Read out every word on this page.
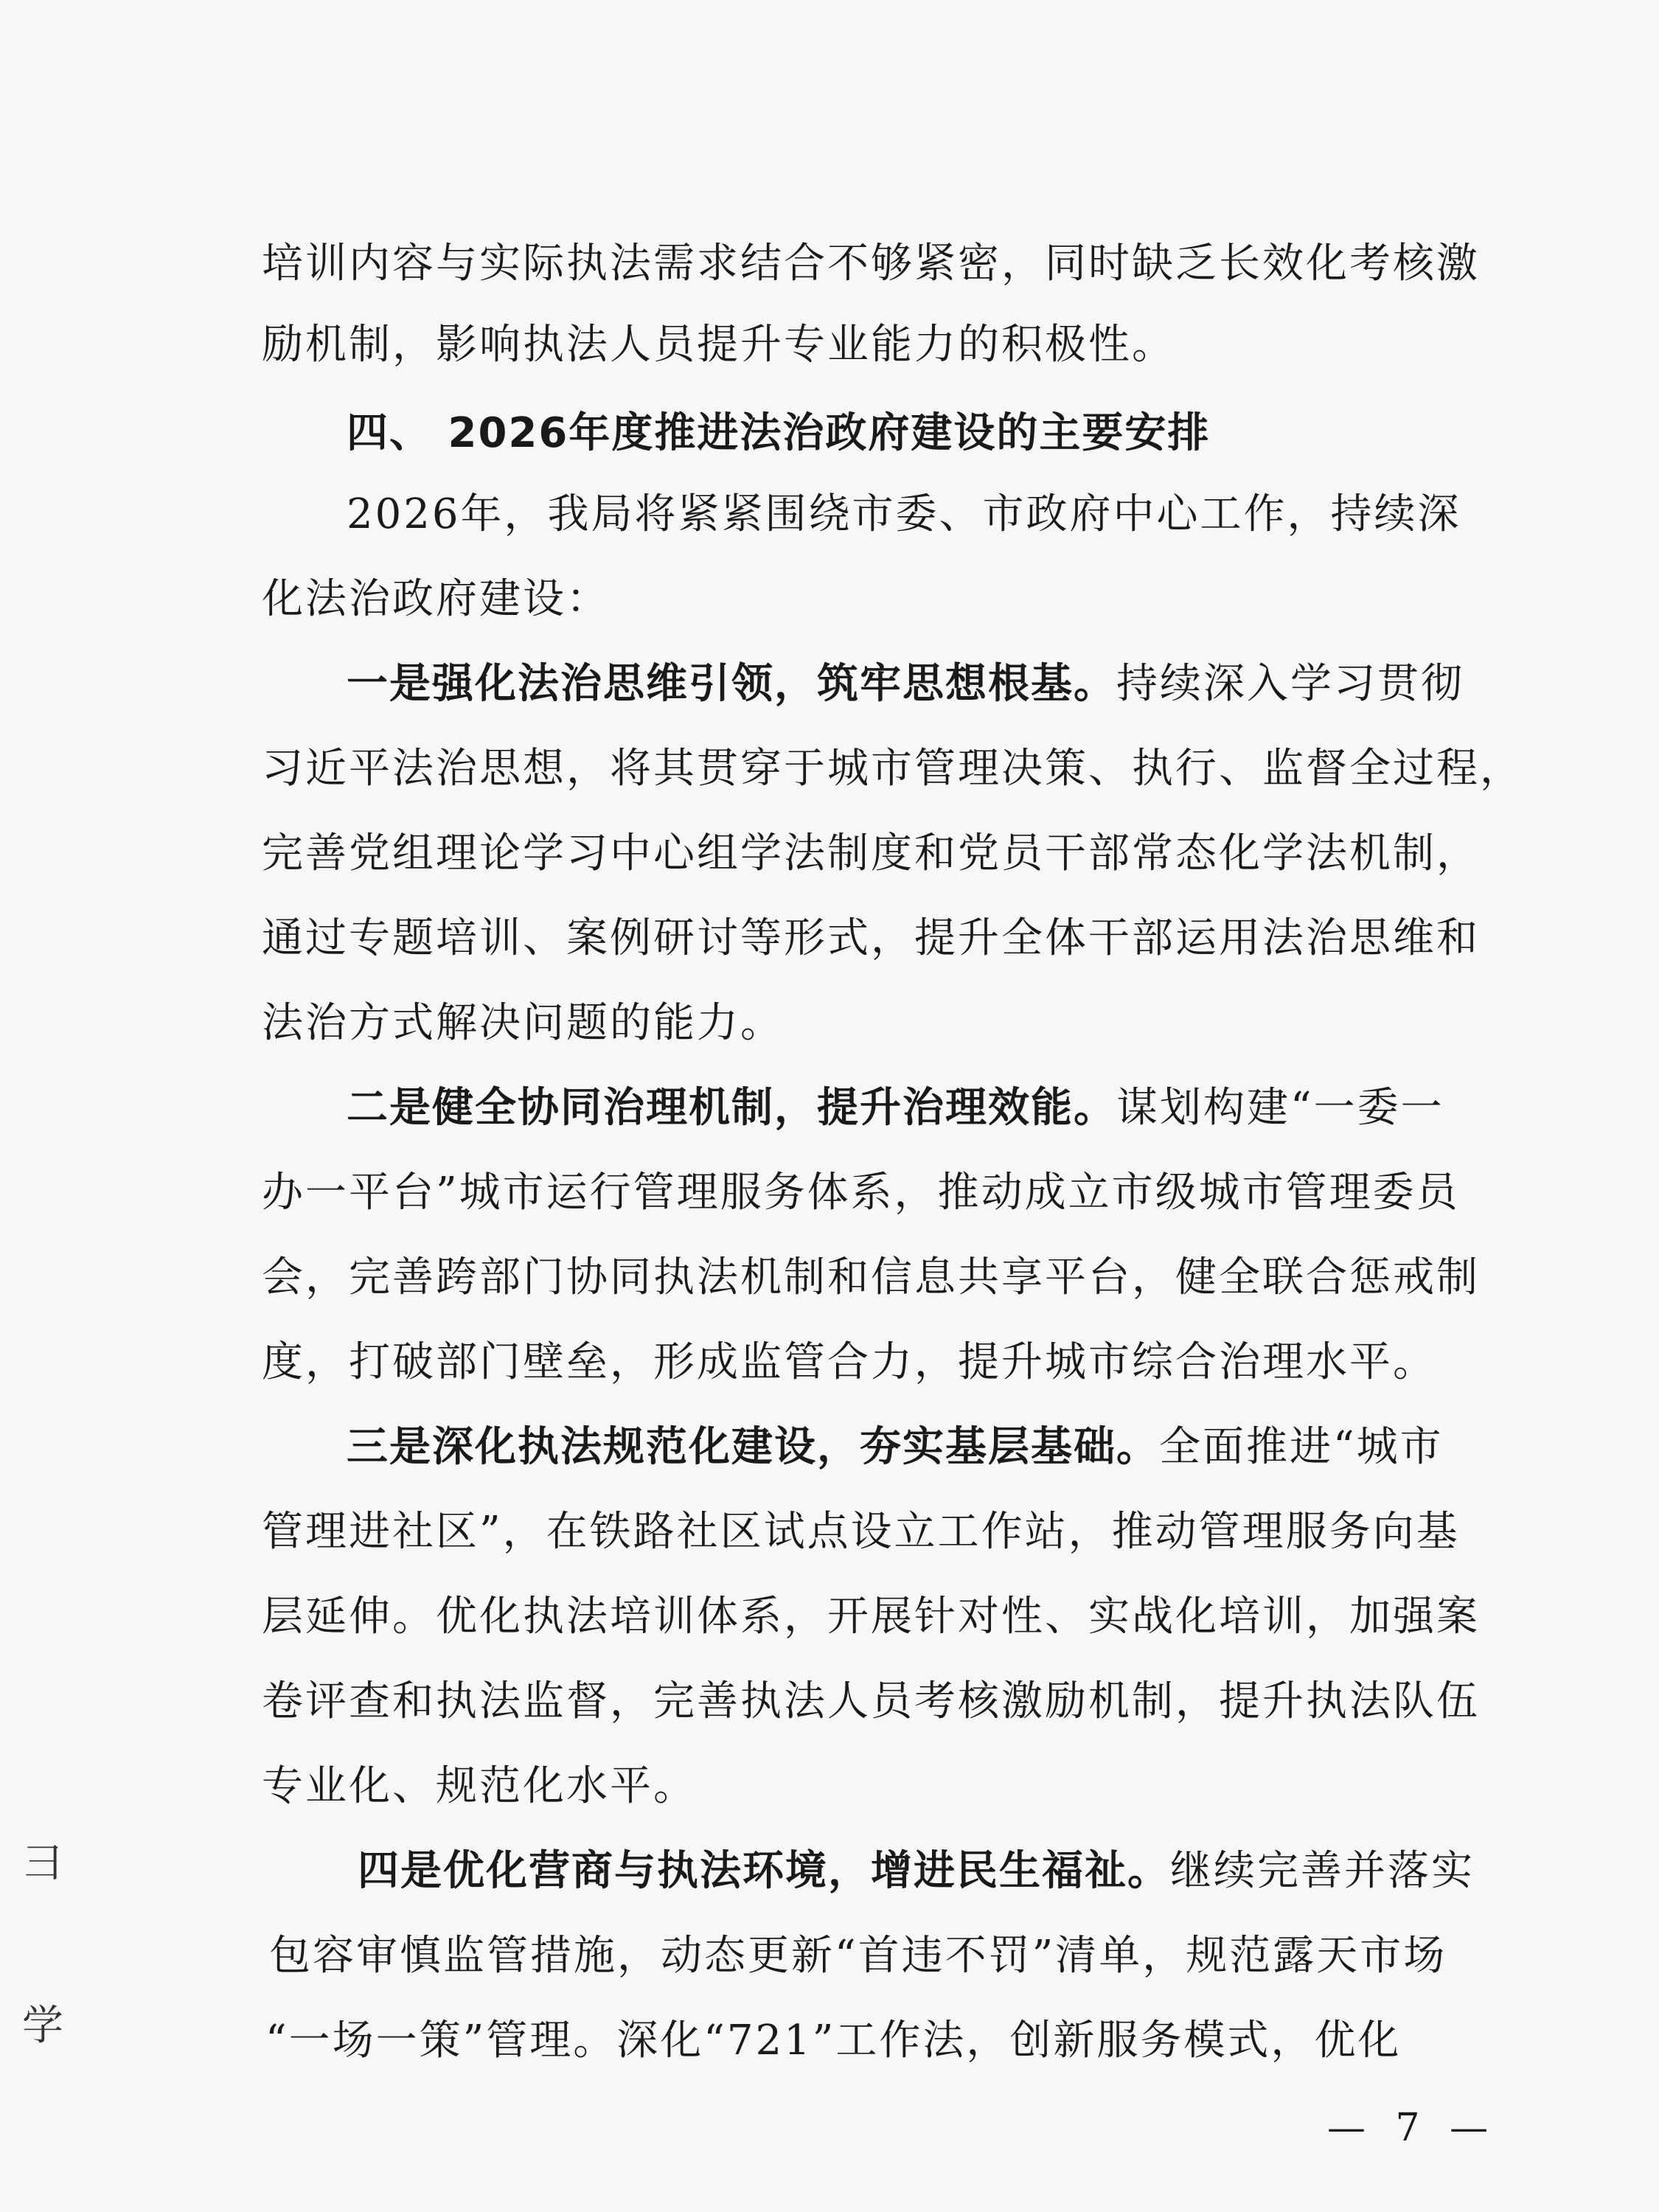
培训内容与实际执法需求结合不够紧密，同时缺乏长效化考核激
励机制，影响执法人员提升专业能力的积极性。
四、 2026年度推进法治政府建设的主要安排
2026年，我局将紧紧围绕市委、市政府中心工作，持续深
化法治政府建设：
一是强化法治思维引领，筑牢思想根基。持续深入学习贯彻
习近平法治思想，将其贯穿于城市管理决策、执行、监督全过程，
完善党组理论学习中心组学法制度和党员干部常态化学法机制，
通过专题培训、案例研讨等形式，提升全体干部运用法治思维和
法治方式解决问题的能力。
二是健全协同治理机制，提升治理效能。谋划构建“一委一
办一平台”城市运行管理服务体系，推动成立市级城市管理委员
会，完善跨部门协同执法机制和信息共享平台，健全联合惩戒制
度，打破部门壁垒，形成监管合力，提升城市综合治理水平。
三是深化执法规范化建设，夯实基层基础。全面推进“城市
管理进社区”，在铁路社区试点设立工作站，推动管理服务向基
层延伸。优化执法培训体系，开展针对性、实战化培训，加强案
卷评查和执法监督，完善执法人员考核激励机制，提升执法队伍
专业化、规范化水平。
四是优化营商与执法环境，增进民生福祉。继续完善并落实
包容审慎监管措施，动态更新“首违不罚”清单，规范露天市场
“一场一策”管理。深化“721”工作法，创新服务模式，优化
彐
学
— 7 —
